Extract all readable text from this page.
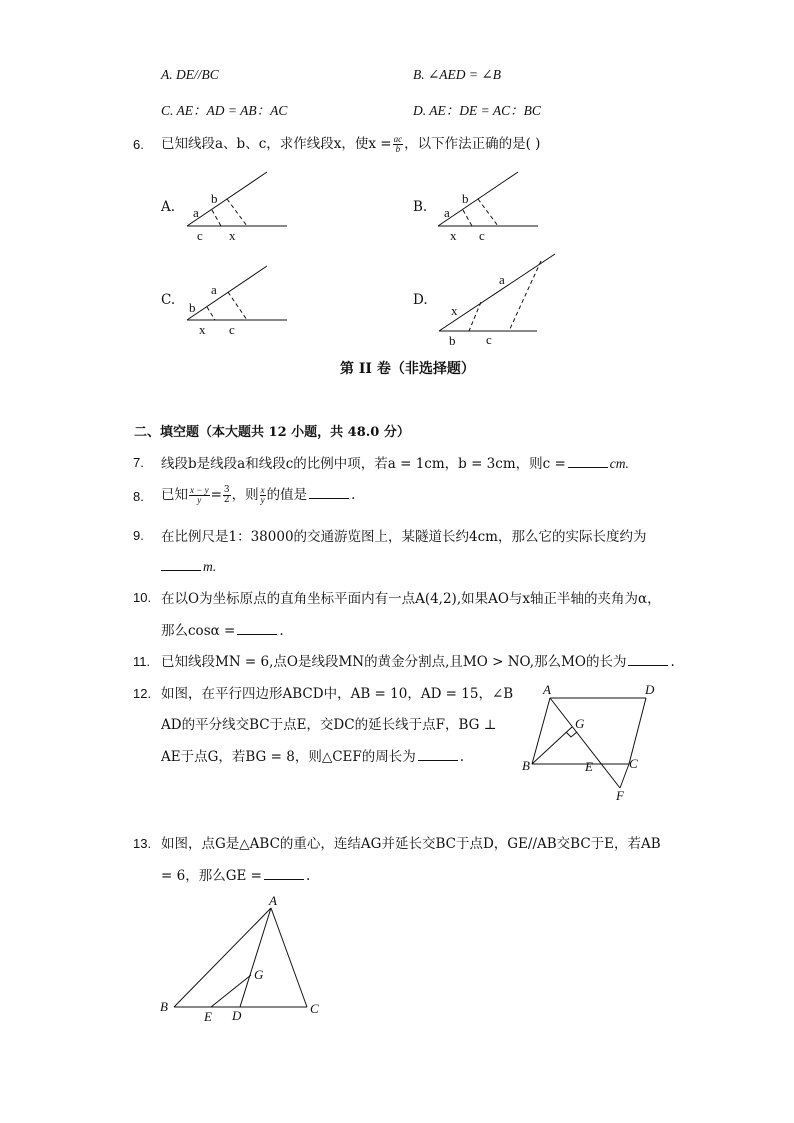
A. DE//BC	B. ∠AED = ∠B
C. AE：AD = AB：AC	D. AE：DE = AC：BC
6. 已知线段a、b、c，求作线段x，使$x = \frac{ac}{b}$ ，以下作法正确的是( )
A.
b
a
c x
B.
b
a
x c
C.
a
b
x c
D.
a
x
b c
第 II 卷（非选择题）
二、填空题（本大题共 12 小题，共 48.0 分）
7. 线段b是线段a和线段c的比例中项，若a = 1cm，b = 3cm，则c =	cm.
8. 已知 $\frac{x - y}{y} = \frac{3}{2}$ ，则 $\frac{x}{y}$ 的值是	.
9. 在比例尺是1：38000的交通游览图上，某隧道长约4cm，那么它的实际长度约为
m.
10. 在以O为坐标原点的直角坐标平面内有一点A(4,2),如果AO与x轴正半轴的夹角为α，
那么cosα =	.
11. 已知线段MN = 6,点O是线段MN的黄金分割点,且MO > NO,那么MO的长为	.
12. 如图，在平行四边形ABCD中，AB = 10，AD = 15，∠B
AD的平分线交BC于点E，交DC的延长线于点F，BG ⊥
AE于点G，若BG = 8，则△CEF的周长为	.
A	D
G
B	E	C
F
13. 如图，点G是△ABC的重心，连结AG并延长交BC于点D，GE//AB交BC于E，若AB
= 6，那么GE =	.
A
G
B
E D	C
